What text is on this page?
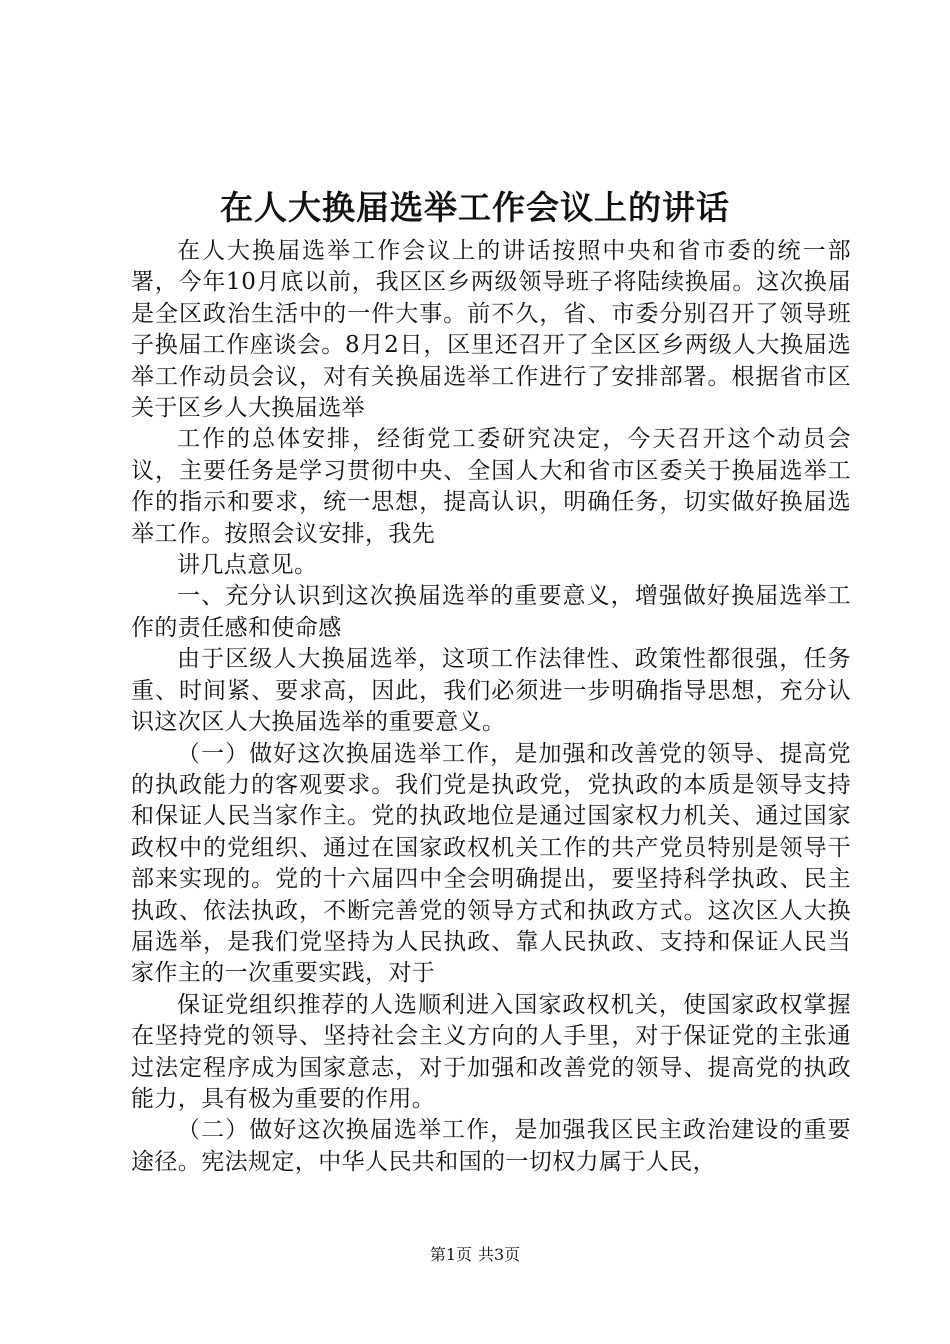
在人大换届选举工作会议上的讲话

在人大换届选举工作会议上的讲话按照中央和省市委的统一部署，今年10月底以前，我区区乡两级领导班子将陆续换届。这次换届是全区政治生活中的一件大事。前不久，省、市委分别召开了领导班子换届工作座谈会。8月2日，区里还召开了全区区乡两级人大换届选举工作动员会议，对有关换届选举工作进行了安排部署。根据省市区关于区乡人大换届选举

工作的总体安排，经街党工委研究决定，今天召开这个动员会议，主要任务是学习贯彻中央、全国人大和省市区委关于换届选举工作的指示和要求，统一思想，提高认识，明确任务，切实做好换届选举工作。按照会议安排，我先

讲几点意见。

一、充分认识到这次换届选举的重要意义，增强做好换届选举工作的责任感和使命感

由于区级人大换届选举，这项工作法律性、政策性都很强，任务重、时间紧、要求高，因此，我们必须进一步明确指导思想，充分认识这次区人大换届选举的重要意义。

（一）做好这次换届选举工作，是加强和改善党的领导、提高党的执政能力的客观要求。我们党是执政党，党执政的本质是领导支持和保证人民当家作主。党的执政地位是通过国家权力机关、通过国家政权中的党组织、通过在国家政权机关工作的共产党员特别是领导干部来实现的。党的十六届四中全会明确提出，要坚持科学执政、民主执政、依法执政，不断完善党的领导方式和执政方式。这次区人大换届选举，是我们党坚持为人民执政、靠人民执政、支持和保证人民当家作主的一次重要实践，对于

保证党组织推荐的人选顺利进入国家政权机关，使国家政权掌握在坚持党的领导、坚持社会主义方向的人手里，对于保证党的主张通过法定程序成为国家意志，对于加强和改善党的领导、提高党的执政能力，具有极为重要的作用。

（二）做好这次换届选举工作，是加强我区民主政治建设的重要途径。宪法规定，中华人民共和国的一切权力属于人民，

第1页 共3页
